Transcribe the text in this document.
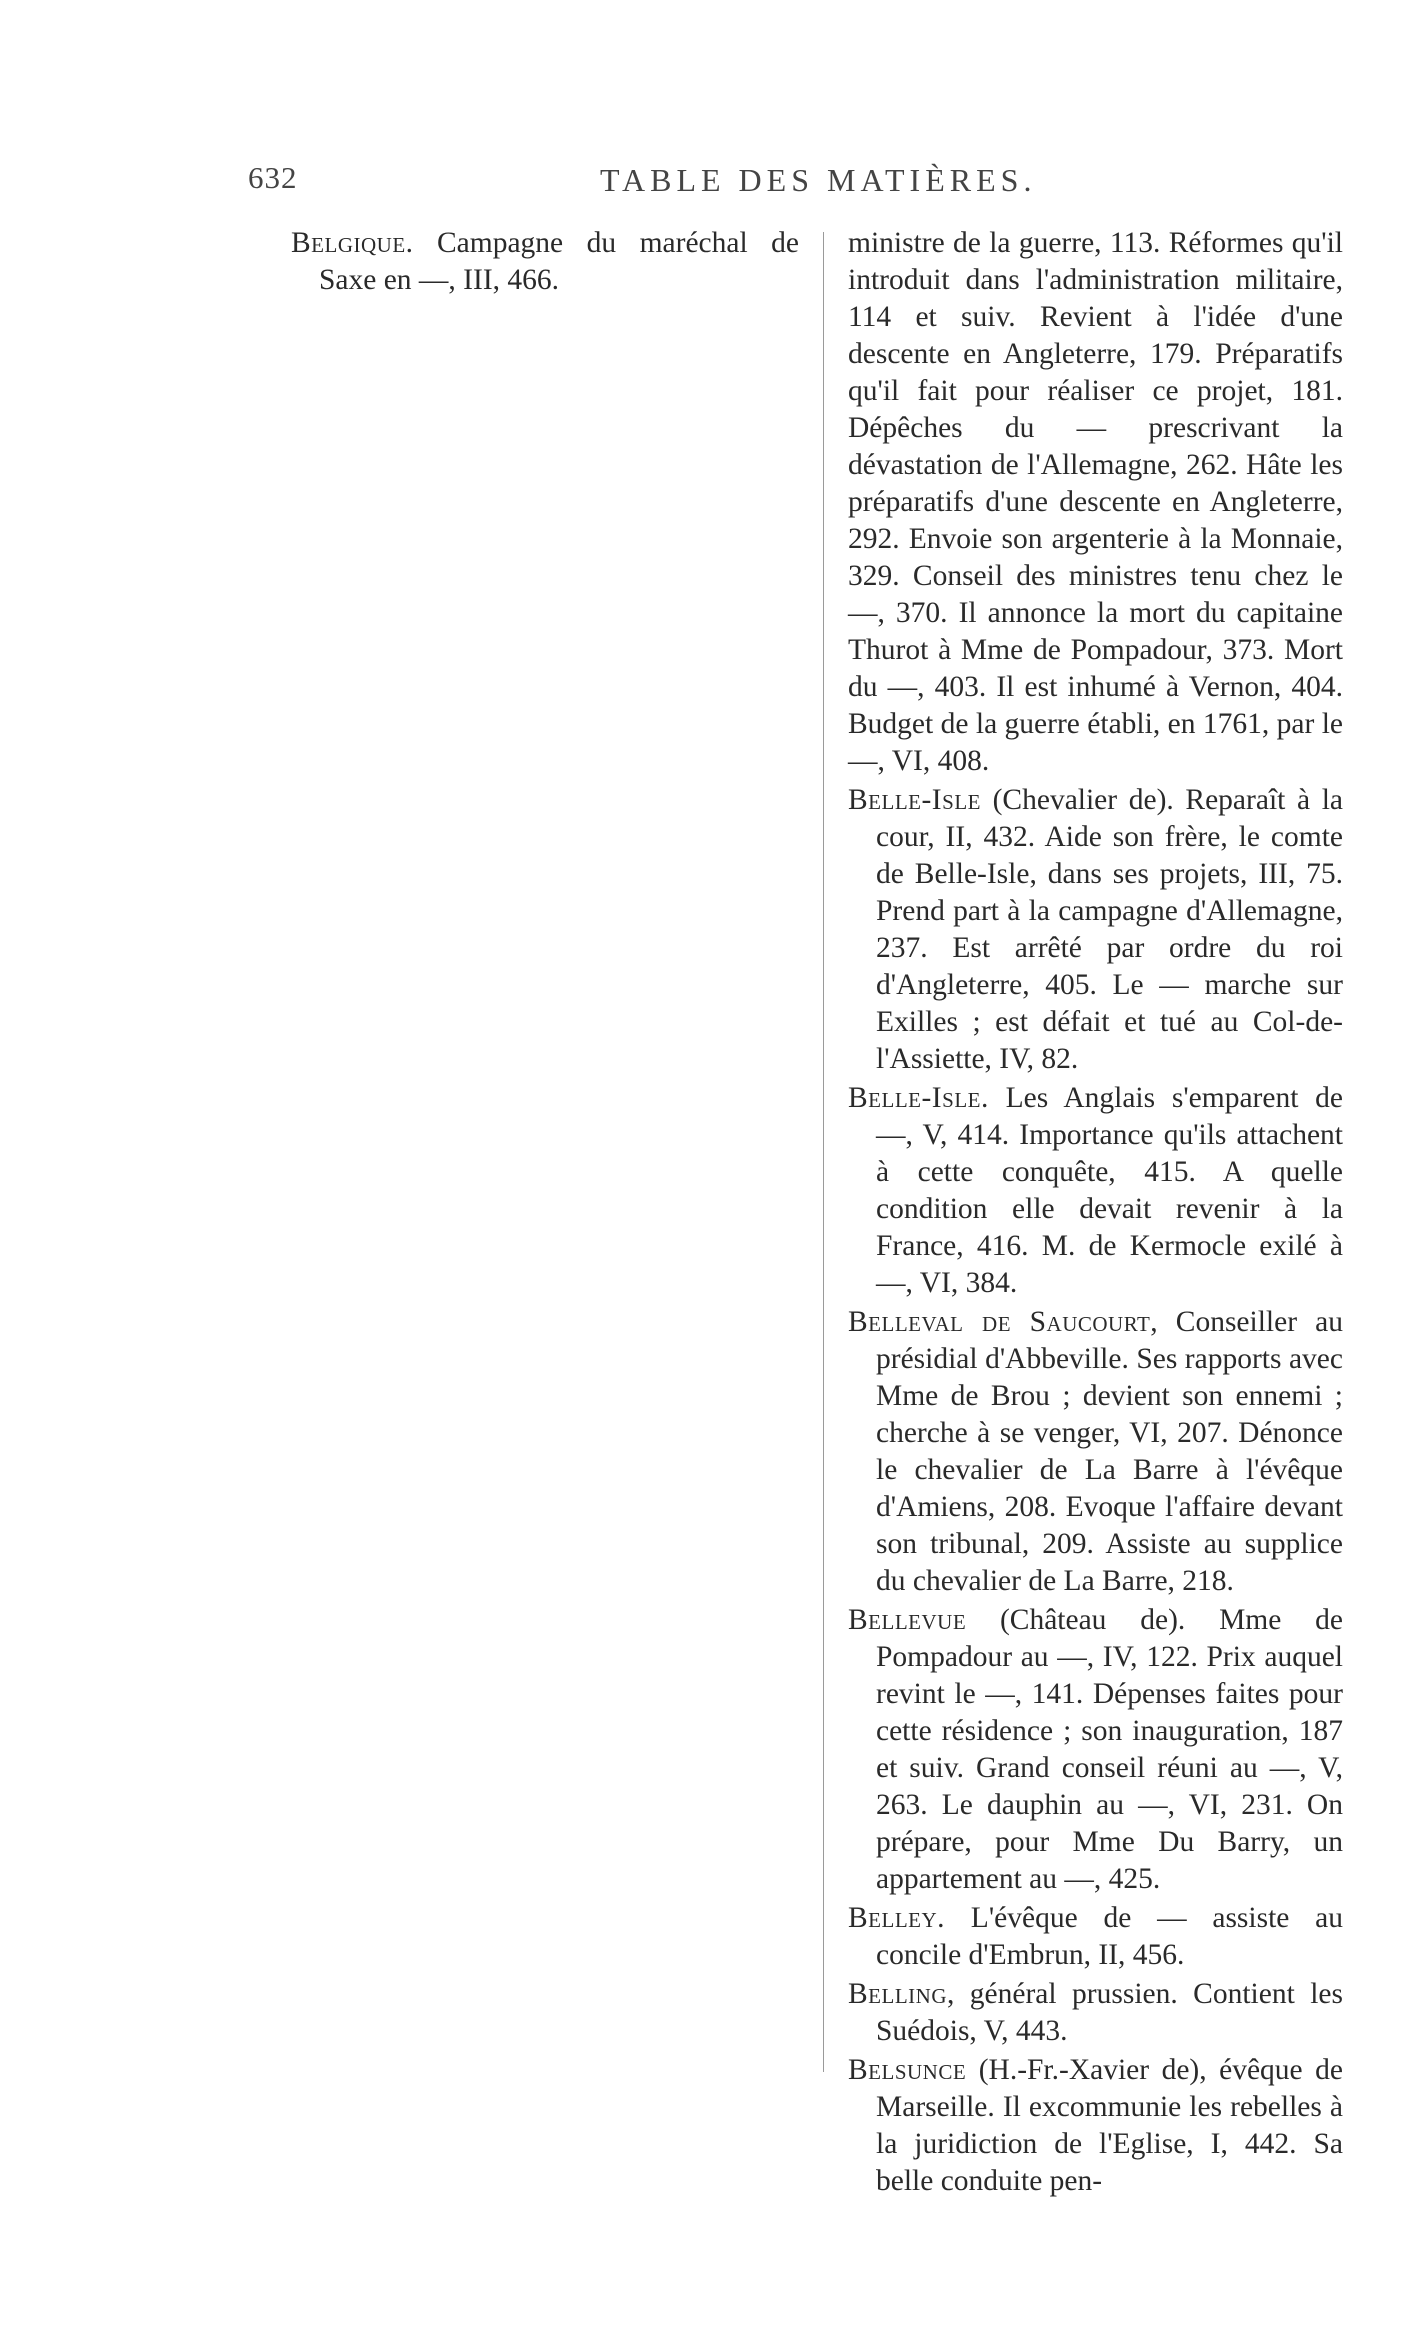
632	TABLE DES MATIÈRES.

Belgique. Campagne du maréchal de Saxe en —, III, 466.

ministre de la guerre, 113. Réformes qu'il introduit dans l'administration militaire, 114 et suiv. Revient à l'idée d'une descente en Angleterre, 179. Préparatifs qu'il fait pour réaliser ce projet, 181. Dépêches du — prescrivant la dévastation de l'Allemagne, 262. Hâte les préparatifs d'une descente en Angleterre, 292. Envoie son argenterie à la Monnaie, 329. Conseil des ministres tenu chez le —, 370. Il annonce la mort du capitaine Thurot à Mme de Pompadour, 373. Mort du —, 403. Il est inhumé à Vernon, 404. Budget de la guerre établi, en 1761, par le —, VI, 408.

Belle-Isle (Chevalier de). Reparaît à la cour, II, 432. Aide son frère, le comte de Belle-Isle, dans ses projets, III, 75. Prend part à la campagne d'Allemagne, 237. Est arrêté par ordre du roi d'Angleterre, 405. Le — marche sur Exilles ; est défait et tué au Col-de-l'Assiette, IV, 82.

Belle-Isle. Les Anglais s'emparent de —, V, 414. Importance qu'ils attachent à cette conquête, 415. A quelle condition elle devait revenir à la France, 416. M. de Kermocle exilé à —, VI, 384.

Belleval de Saucourt, Conseiller au présidial d'Abbeville. Ses rapports avec Mme de Brou ; devient son ennemi ; cherche à se venger, VI, 207. Dénonce le chevalier de La Barre à l'évêque d'Amiens, 208. Evoque l'affaire devant son tribunal, 209. Assiste au supplice du chevalier de La Barre, 218.

Bellevue (Château de). Mme de Pompadour au —, IV, 122. Prix auquel revint le —, 141. Dépenses faites pour cette résidence ; son inauguration, 187 et suiv. Grand conseil réuni au —, V, 263. Le dauphin au —, VI, 231. On prépare, pour Mme Du Barry, un appartement au —, 425.

Belley. L'évêque de — assiste au concile d'Embrun, II, 456.

Belling, général prussien. Contient les Suédois, V, 443.

Belsunce (H.-Fr.-Xavier de), évêque de Marseille. Il excommunie les rebelles à la juridiction de l'Eglise, I, 442. Sa belle conduite pen-
